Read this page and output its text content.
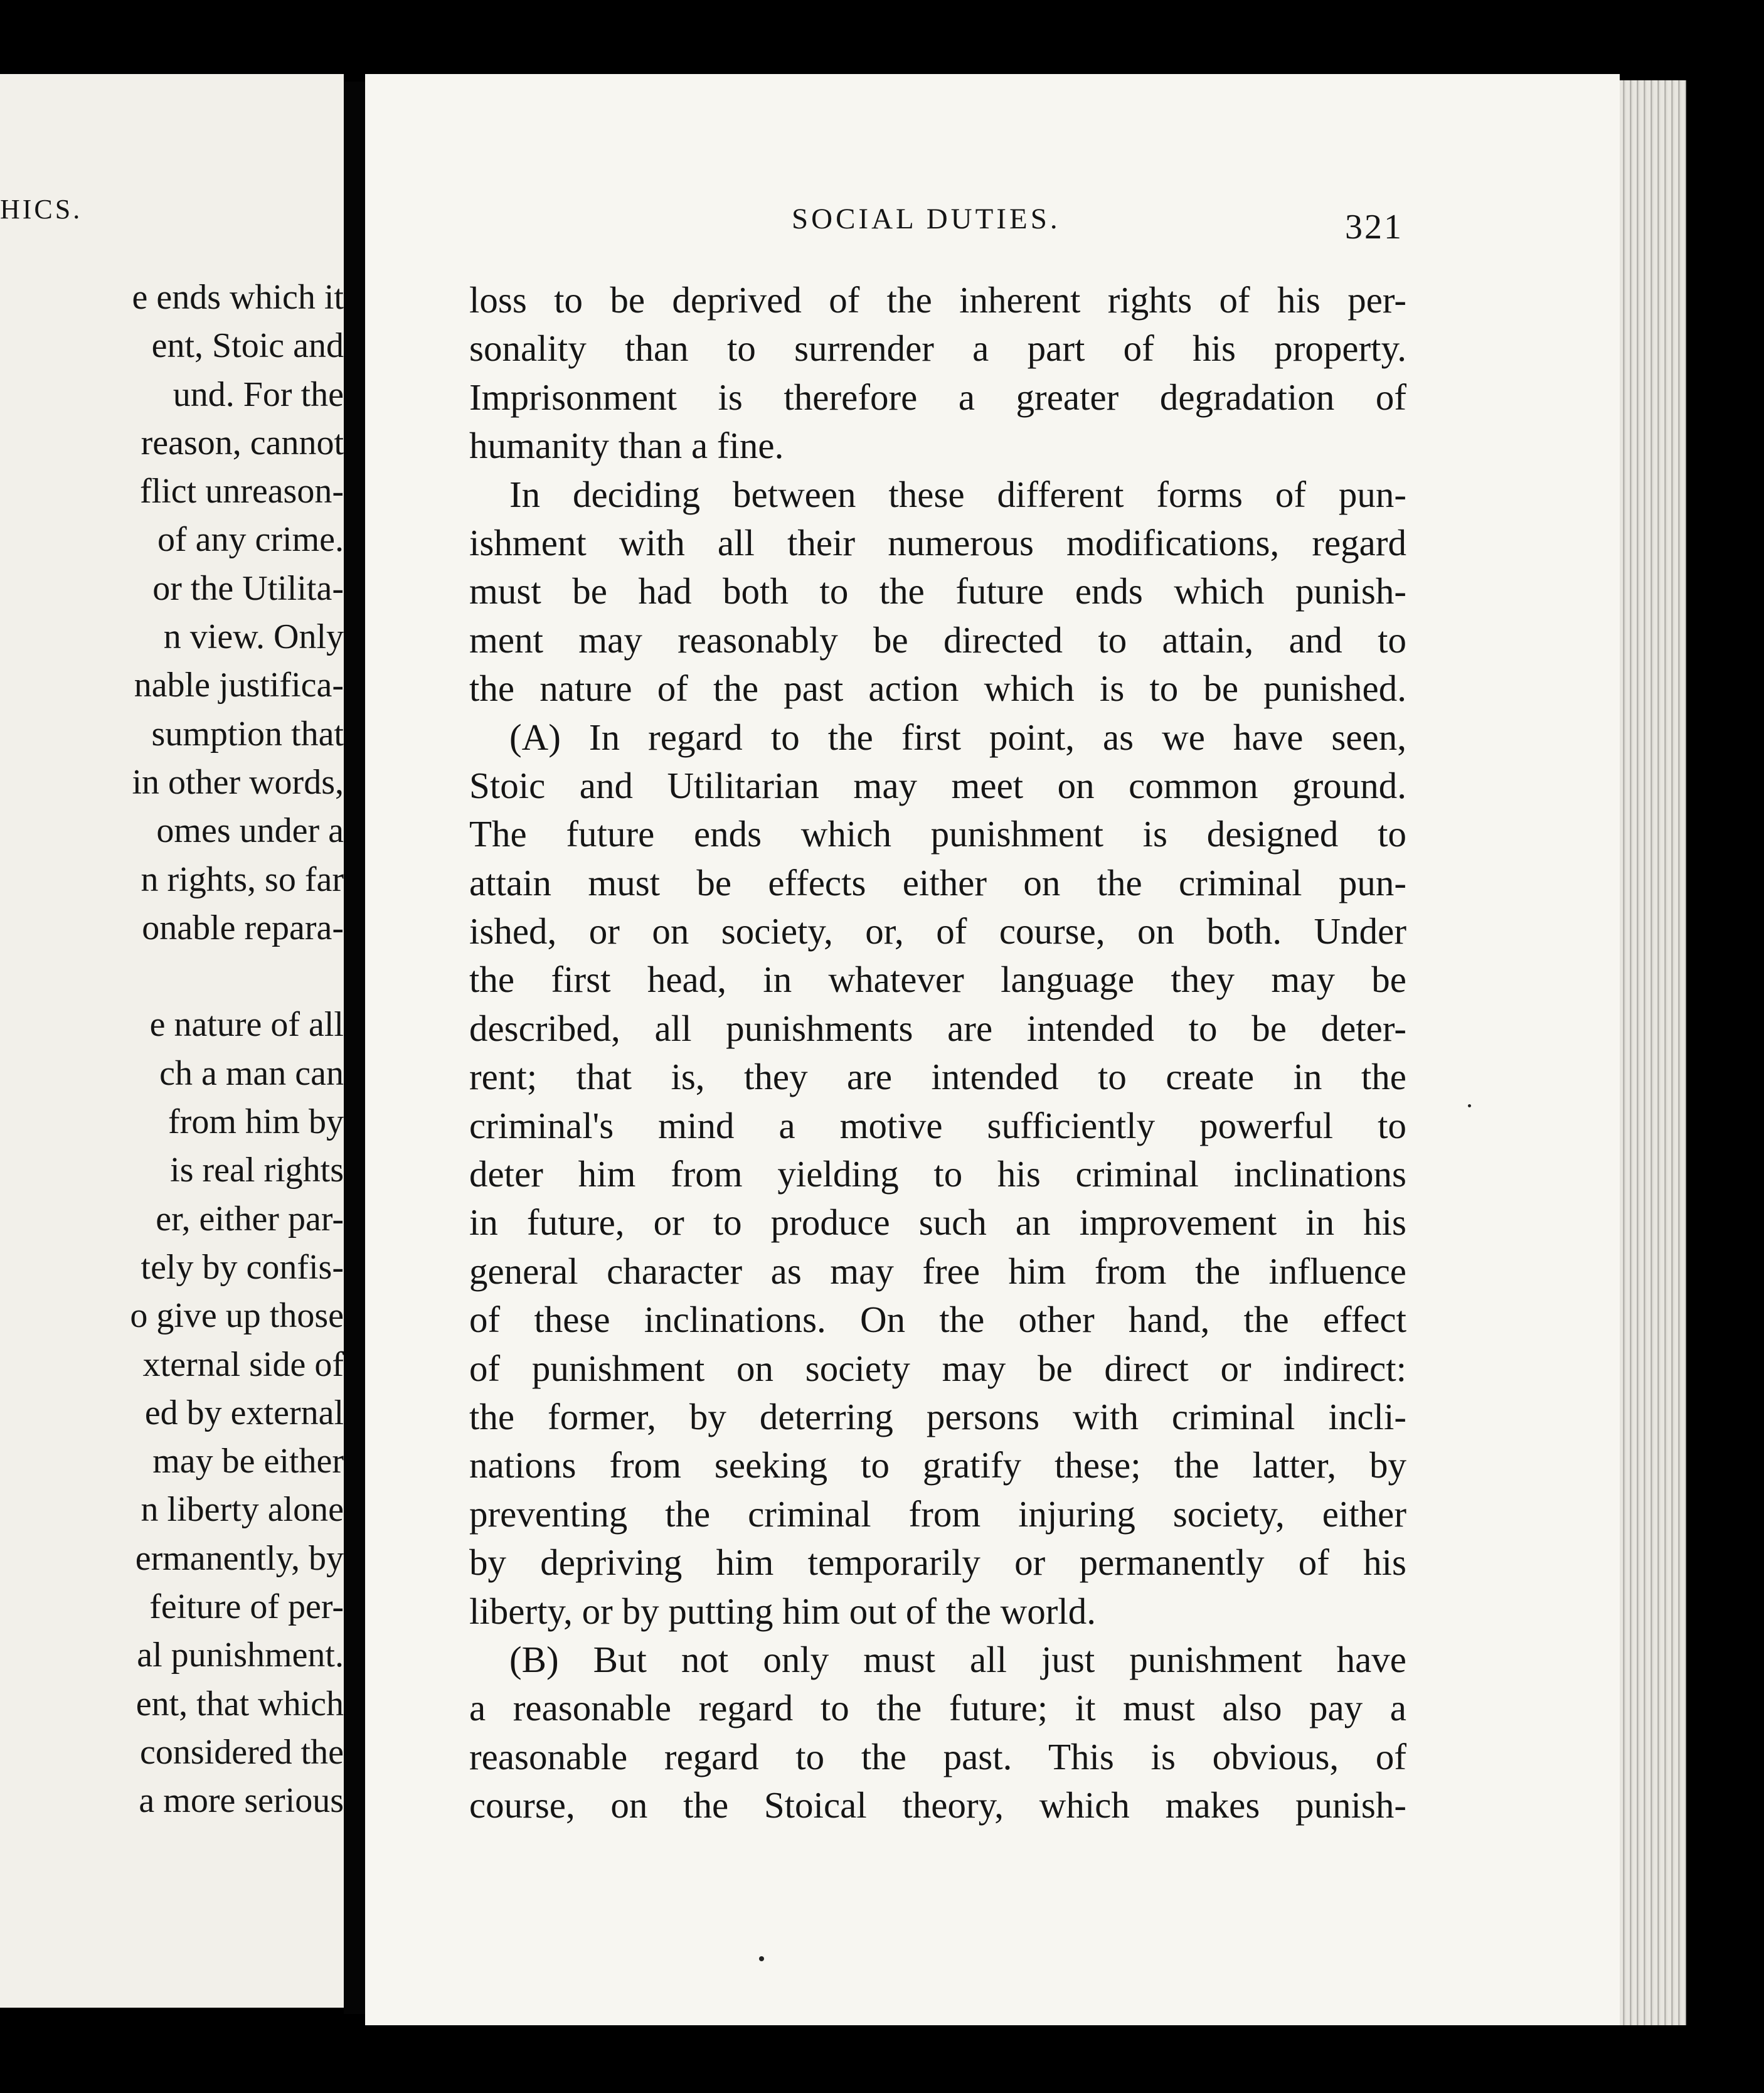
HICS.
e ends which it
ent, Stoic and
und. For the
reason, cannot
flict unreason-
of any crime.
or the Utilita-
n view. Only
nable justifica-
sumption that
in other words,
omes under a
n rights, so far
onable repara-
e nature of all
ch a man can
from him by
is real rights
er, either par-
tely by confis-
o give up those
xternal side of
ed by external
may be either
n liberty alone
ermanently, by
feiture of per-
al punishment.
ent, that which
considered the
a more serious
SOCIAL DUTIES.	321
loss to be deprived of the inherent rights of his per-
sonality than to surrender a part of his property.
Imprisonment is therefore a greater degradation of
humanity than a fine.
In deciding between these different forms of pun-
ishment with all their numerous modifications, regard
must be had both to the future ends which punish-
ment may reasonably be directed to attain, and to
the nature of the past action which is to be punished.
(A) In regard to the first point, as we have seen,
Stoic and Utilitarian may meet on common ground.
The future ends which punishment is designed to
attain must be effects either on the criminal pun-
ished, or on society, or, of course, on both. Under
the first head, in whatever language they may be
described, all punishments are intended to be deter-
rent; that is, they are intended to create in the
criminal's mind a motive sufficiently powerful to
deter him from yielding to his criminal inclinations
in future, or to produce such an improvement in his
general character as may free him from the influence
of these inclinations. On the other hand, the effect
of punishment on society may be direct or indirect:
the former, by deterring persons with criminal incli-
nations from seeking to gratify these; the latter, by
preventing the criminal from injuring society, either
by depriving him temporarily or permanently of his
liberty, or by putting him out of the world.
(B) But not only must all just punishment have
a reasonable regard to the future; it must also pay a
reasonable regard to the past. This is obvious, of
course, on the Stoical theory, which makes punish-
